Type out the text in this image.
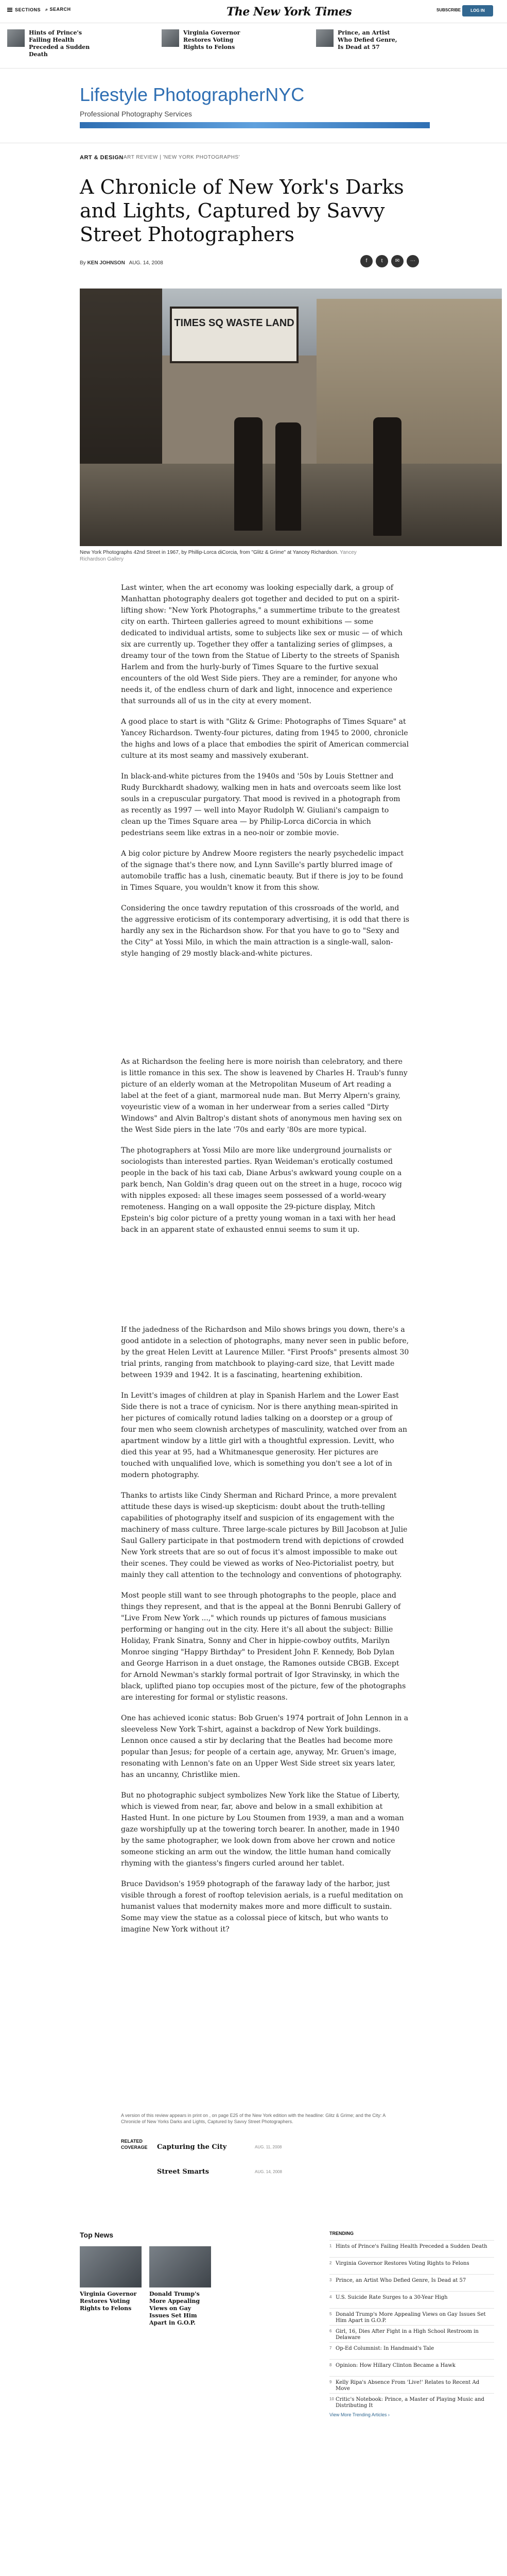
SECTIONS ⌕ SEARCH	The New York Times	SUBSCRIBE	LOG IN
Hints of Prince's Failing Health Preceded a Sudden Death
Virginia Governor Restores Voting Rights to Felons
Prince, an Artist Who Defied Genre, Is Dead at 57
Lifestyle PhotographerNYC
Professional Photography Services
ART & DESIGN ART REVIEW | 'NEW YORK PHOTOGRAPHS'
A Chronicle of New York's Darks and Lights, Captured by Savvy Street Photographers
By KEN JOHNSON AUG. 14, 2008	f	t ✉ ⋯
TIMES SQ WASTE LAND
New York Photographs 42nd Street in 1967, by Phillip-Lorca diCorcia, from "Glitz & Grime" at Yancey Richardson. Yancey Richardson Gallery

Last winter, when the art economy was looking especially dark, a group of Manhattan photography dealers got together and decided to put on a spirit-lifting show: "New York Photographs," a summertime tribute to the greatest city on earth. Thirteen galleries agreed to mount exhibitions — some dedicated to individual artists, some to subjects like sex or music — of which six are currently up. Together they offer a tantalizing series of glimpses, a dreamy tour of the town from the Statue of Liberty to the streets of Spanish Harlem and from the hurly-burly of Times Square to the furtive sexual encounters of the old West Side piers. They are a reminder, for anyone who needs it, of the endless churn of dark and light, innocence and experience that surrounds all of us in the city at every moment.

A good place to start is with "Glitz & Grime: Photographs of Times Square" at Yancey Richardson. Twenty-four pictures, dating from 1945 to 2000, chronicle the highs and lows of a place that embodies the spirit of American commercial culture at its most seamy and massively exuberant.

In black-and-white pictures from the 1940s and '50s by Louis Stettner and Rudy Burckhardt shadowy, walking men in hats and overcoats seem like lost souls in a crepuscular purgatory. That mood is revived in a photograph from as recently as 1997 — well into Mayor Rudolph W. Giuliani's campaign to clean up the Times Square area — by Philip-Lorca diCorcia in which pedestrians seem like extras in a neo-noir or zombie movie.

A big color picture by Andrew Moore registers the nearly psychedelic impact of the signage that's there now, and Lynn Saville's partly blurred image of automobile traffic has a lush, cinematic beauty. But if there is joy to be found in Times Square, you wouldn't know it from this show.

Considering the once tawdry reputation of this crossroads of the world, and the aggressive eroticism of its contemporary advertising, it is odd that there is hardly any sex in the Richardson show. For that you have to go to "Sexy and the City" at Yossi Milo, in which the main attraction is a single-wall, salon-style hanging of 29 mostly black-and-white pictures.

As at Richardson the feeling here is more noirish than celebratory, and there is little romance in this sex. The show is leavened by Charles H. Traub's funny picture of an elderly woman at the Metropolitan Museum of Art reading a label at the feet of a giant, marmoreal nude man. But Merry Alpern's grainy, voyeuristic view of a woman in her underwear from a series called "Dirty Windows" and Alvin Baltrop's distant shots of anonymous men having sex on the West Side piers in the late '70s and early '80s are more typical.

The photographers at Yossi Milo are more like underground journalists or sociologists than interested parties. Ryan Weideman's erotically costumed people in the back of his taxi cab, Diane Arbus's awkward young couple on a park bench, Nan Goldin's drag queen out on the street in a huge, rococo wig with nipples exposed: all these images seem possessed of a world-weary remoteness. Hanging on a wall opposite the 29-picture display, Mitch Epstein's big color picture of a pretty young woman in a taxi with her head back in an apparent state of exhausted ennui seems to sum it up.

If the jadedness of the Richardson and Milo shows brings you down, there's a good antidote in a selection of photographs, many never seen in public before, by the great Helen Levitt at Laurence Miller. "First Proofs" presents almost 30 trial prints, ranging from matchbook to playing-card size, that Levitt made between 1939 and 1942. It is a fascinating, heartening exhibition.

In Levitt's images of children at play in Spanish Harlem and the Lower East Side there is not a trace of cynicism. Nor is there anything mean-spirited in her pictures of comically rotund ladies talking on a doorstep or a group of four men who seem clownish archetypes of masculinity, watched over from an apartment window by a little girl with a thoughtful expression. Levitt, who died this year at 95, had a Whitmanesque generosity. Her pictures are touched with unqualified love, which is something you don't see a lot of in modern photography.

Thanks to artists like Cindy Sherman and Richard Prince, a more prevalent attitude these days is wised-up skepticism: doubt about the truth-telling capabilities of photography itself and suspicion of its engagement with the machinery of mass culture. Three large-scale pictures by Bill Jacobson at Julie Saul Gallery participate in that postmodern trend with depictions of crowded New York streets that are so out of focus it's almost impossible to make out their scenes. They could be viewed as works of Neo-Pictorialist poetry, but mainly they call attention to the technology and conventions of photography.

Most people still want to see through photographs to the people, place and things they represent, and that is the appeal at the Bonni Benrubi Gallery of "Live From New York ...," which rounds up pictures of famous musicians performing or hanging out in the city. Here it's all about the subject: Billie Holiday, Frank Sinatra, Sonny and Cher in hippie-cowboy outfits, Marilyn Monroe singing "Happy Birthday" to President John F. Kennedy, Bob Dylan and George Harrison in a duet onstage, the Ramones outside CBGB. Except for Arnold Newman's starkly formal portrait of Igor Stravinsky, in which the black, uplifted piano top occupies most of the picture, few of the photographs are interesting for formal or stylistic reasons.

One has achieved iconic status: Bob Gruen's 1974 portrait of John Lennon in a sleeveless New York T-shirt, against a backdrop of New York buildings. Lennon once caused a stir by declaring that the Beatles had become more popular than Jesus; for people of a certain age, anyway, Mr. Gruen's image, resonating with Lennon's fate on an Upper West Side street six years later, has an uncanny, Christlike mien.

But no photographic subject symbolizes New York like the Statue of Liberty, which is viewed from near, far, above and below in a small exhibition at Hasted Hunt. In one picture by Lou Stoumen from 1939, a man and a woman gaze worshipfully up at the towering torch bearer. In another, made in 1940 by the same photographer, we look down from above her crown and notice someone sticking an arm out the window, the little human hand comically rhyming with the giantess's fingers curled around her tablet.

Bruce Davidson's 1959 photograph of the faraway lady of the harbor, just visible through a forest of rooftop television aerials, is a rueful meditation on humanist values that modernity makes more and more difficult to sustain. Some may view the statue as a colossal piece of kitsch, but who wants to imagine New York without it?

A version of this review appears in print on , on page E25 of the New York edition with the headline: Glitz & Grime; and the City: A Chronicle of New Yorks Darks and Lights, Captured by Savvy Street Photographers.
RELATED COVERAGE	Capturing the City	AUG. 11, 2008
Street Smarts	AUG. 14, 2008
Top News
Virginia Governor Restores Voting Rights to Felons
Donald Trump's More Appealing Views on Gay Issues Set Him Apart in G.O.P.
TRENDING
1 Hints of Prince's Failing Health Preceded a Sudden Death
2 Virginia Governor Restores Voting Rights to Felons
3 Prince, an Artist Who Defied Genre, Is Dead at 57
4 U.S. Suicide Rate Surges to a 30-Year High
5 Donald Trump's More Appealing Views on Gay Issues Set Him Apart in G.O.P.
6 Girl, 16, Dies After Fight in a High School Restroom in Delaware
7 Op-Ed Columnist: In Handmaid's Tale
8 Opinion: How Hillary Clinton Became a Hawk
9 Kelly Ripa's Absence From 'Live!' Relates to Recent Ad Move
10 Critic's Notebook: Prince, a Master of Playing Music and Distributing It
View More Trending Articles ›
